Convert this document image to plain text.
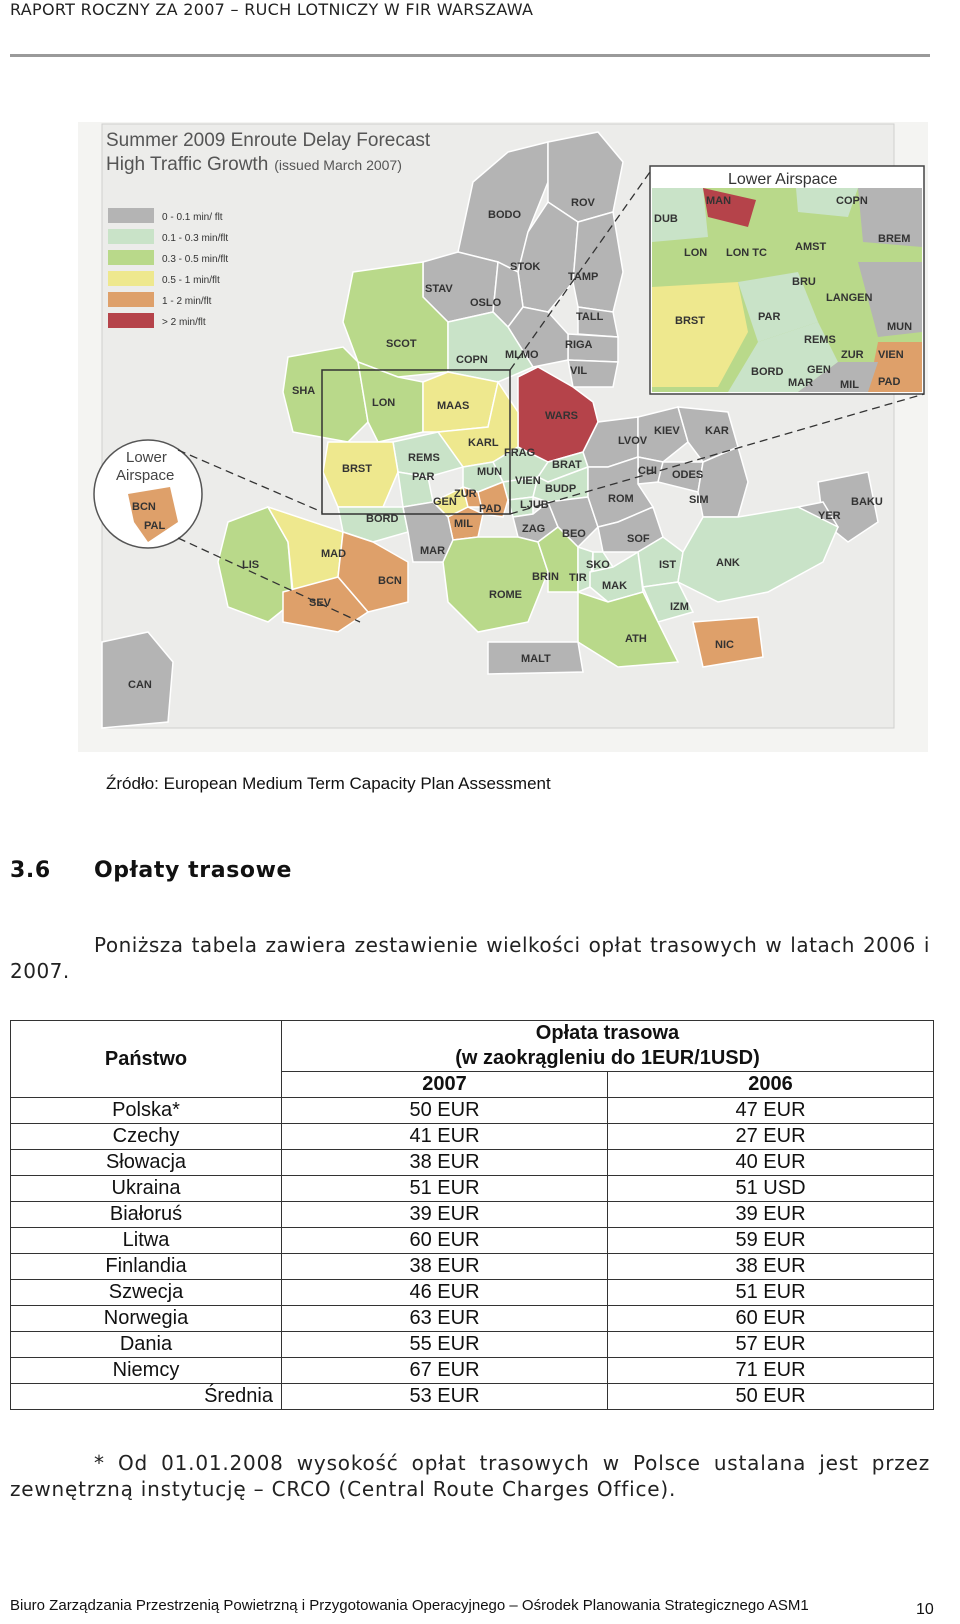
RAPORT ROCZNY ZA 2007 – RUCH LOTNICZY W FIR WARSZAWA
Lower Airspace
Lower
Airspace
Summer 2009 Enroute Delay Forecast
High Traffic Growth (issued March 2007)
0 - 0.1 min/ flt
0.1 - 0.3 min/flt
0.3 - 0.5 min/flt
0.5 - 1 min/flt
1 - 2 min/flt
> 2 min/flt
BODO
ROV
STOK
TAMP
STAV
OSLO
TALL
RIGA
SCOT
COPN MLMO
VIL
SHA
LON	MAAS
WARS
KARL
FRAG
LVOV
KIEV KAR
REMS
BRST
PAR	MUN
BRAT
VIEN
BUDP
CHI ODES
GEN
ZUR
PAD LJUB	ROM	SIM	BAKU
YER
BORD	MIL	ZAG BEO	SOF
MAD
LIS
MAR
BCN
SKO	IST	ANK
BRIN TIR
MAK
SEV
ROME
IZM
ATH	NIC
MALT
CAN
MAN
DUB
COPN
BREM
LON LON TC	AMST
BRU
LANGEN
BRST	PAR
MUN
REMS
ZUR VIEN
BORD GEN
MAR MIL PAD
BCN
PAL
Źródło: European Medium Term Capacity Plan Assessment
3.6 Opłaty trasowe
Poniższa tabela zawiera zestawienie wielkości opłat trasowych w latach 2006 i 2007.
Państwo	Opłata trasowa
(w zaokrągleniu do 1EUR/1USD)	

	2007	2006
Polska*	50 EUR	47 EUR
Czechy	41 EUR	27 EUR
Słowacja	38 EUR	40 EUR
Ukraina	51 EUR	51 USD
Białoruś	39 EUR	39 EUR
Litwa	60 EUR	59 EUR
Finlandia	38 EUR	38 EUR
Szwecja	46 EUR	51 EUR
Norwegia	63 EUR	60 EUR
Dania	55 EUR	57 EUR
Niemcy	67 EUR	71 EUR
Średnia	53 EUR	50 EUR
* Od 01.01.2008 wysokość opłat trasowych w Polsce ustalana jest przez zewnętrzną instytucję – CRCO (Central Route Charges Office).
Biuro Zarządzania Przestrzenią Powietrzną i Przygotowania Operacyjnego – Ośrodek Planowania Strategicznego ASM1	10
